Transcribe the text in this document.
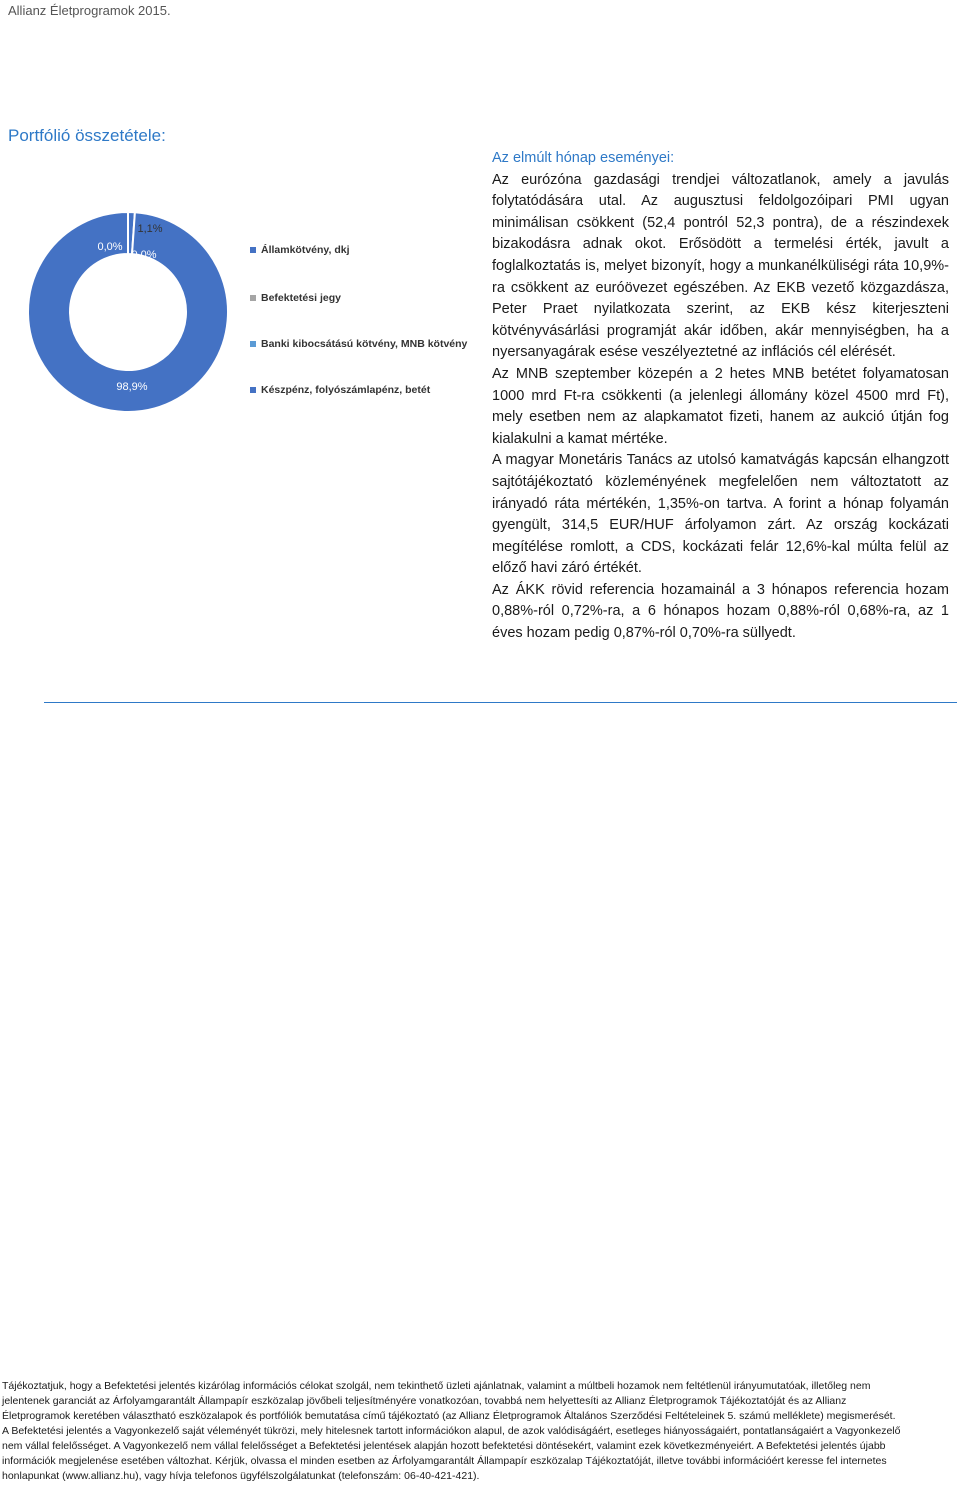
Allianz Életprogramok 2015.
Portfólió összetétele:
1,1%
0,0%
0,0%
98,9%
Államkötvény, dkj
Befektetési jegy
Banki kibocsátású kötvény, MNB kötvény
Készpénz, folyószámlapénz, betét
Az elmúlt hónap eseményei:

Az eurózóna gazdasági trendjei változatlanok, amely a javulás folytatódására utal. Az augusztusi feldolgozóipari PMI ugyan minimálisan csökkent (52,4 pontról 52,3 pontra), de a részindexek bizakodásra adnak okot. Erősödött a termelési érték, javult a foglalkoztatás is, melyet bizonyít, hogy a munkanélküliségi ráta 10,9%-ra csökkent az euróövezet egészében. Az EKB vezető közgazdásza, Peter Praet nyilatkozata szerint, az EKB kész kiterjeszteni kötvényvásárlási programját akár időben, akár mennyiségben, ha a nyersanyagárak esése veszélyeztetné az inflációs cél elérését.

Az MNB szeptember közepén a 2 hetes MNB betétet folyamatosan 1000 mrd Ft-ra csökkenti (a jelenlegi állomány közel 4500 mrd Ft), mely esetben nem az alapkamatot fizeti, hanem az aukció útján fog kialakulni a kamat mértéke.

A magyar Monetáris Tanács az utolsó kamatvágás kapcsán elhangzott sajtótájékoztató közleményének megfelelően nem változtatott az irányadó ráta mértékén, 1,35%-on tartva. A forint a hónap folyamán gyengült, 314,5 EUR/HUF árfolyamon zárt. Az ország kockázati megítélése romlott, a CDS, kockázati felár 12,6%-kal múlta felül az előző havi záró értékét.

Az ÁKK rövid referencia hozamainál a 3 hónapos referencia hozam 0,88%-ról 0,72%-ra, a 6 hónapos hozam 0,88%-ról 0,68%-ra, az 1 éves hozam pedig 0,87%-ról 0,70%-ra süllyedt.

Tájékoztatjuk, hogy a Befektetési jelentés kizárólag információs célokat szolgál, nem tekinthető üzleti ajánlatnak, valamint a múltbeli hozamok nem feltétlenül irányumutatóak, illetőleg nem jelentenek garanciát az Árfolyamgarantált Állampapír eszközalap jövőbeli teljesítményére vonatkozóan, tovabbá nem helyettesíti az Allianz Életprogramok Tájékoztatóját és az Allianz Életprogramok keretében választható eszközalapok és portfóliók bemutatása című tájékoztató (az Allianz Életprogramok Általános Szerződési Feltételeinek 5. számú melléklete) megismerését. A Befektetési jelentés a Vagyonkezelő saját véleményét tükrözi, mely hitelesnek tartott információkon alapul, de azok valódiságáért, esetleges hiányosságaiért, pontatlanságaiért a Vagyonkezelő nem vállal felelősséget. A Vagyonkezelő nem vállal felelősséget a Befektetési jelentések alapján hozott befektetési döntésekért, valamint ezek következményeiért. A Befektetési jelentés újabb információk megjelenése esetében változhat. Kérjük, olvassa el minden esetben az Árfolyamgarantált Állampapír eszközalap Tájékoztatóját, illetve további információért keresse fel internetes honlapunkat (www.allianz.hu), vagy hívja telefonos ügyfélszolgálatunkat (telefonszám: 06-40-421-421).
